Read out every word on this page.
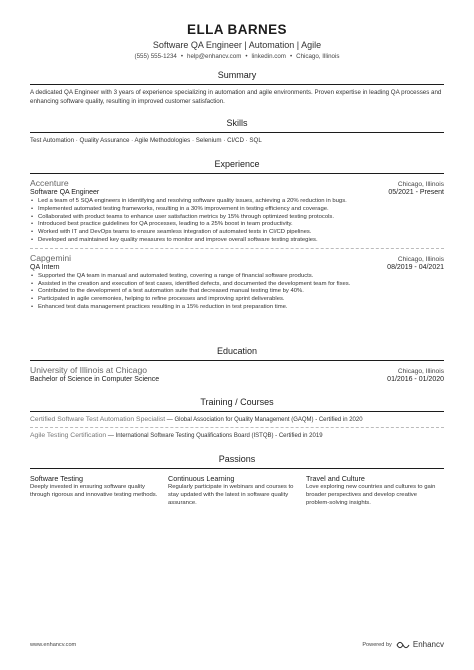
ELLA BARNES
Software QA Engineer | Automation | Agile
(555) 555-1234 • help@enhancv.com • linkedin.com • Chicago, Illinois
Summary
A dedicated QA Engineer with 3 years of experience specializing in automation and agile environments. Proven expertise in leading QA processes and enhancing software quality, resulting in improved customer satisfaction.
Skills
Test Automation · Quality Assurance · Agile Methodologies · Selenium · CI/CD · SQL
Experience
Accenture	Chicago, Illinois
Software QA Engineer	05/2021 - Present
• Led a team of 5 SQA engineers in identifying and resolving software quality issues, achieving a 20% reduction in bugs.
• Implemented automated testing frameworks, resulting in a 30% improvement in testing efficiency and coverage.
• Collaborated with product teams to enhance user satisfaction metrics by 15% through optimized testing protocols.
• Introduced best practice guidelines for QA processes, leading to a 25% boost in team productivity.
• Worked with IT and DevOps teams to ensure seamless integration of automated tests in CI/CD pipelines.
• Developed and maintained key quality measures to monitor and improve overall software testing strategies.
Capgemini	Chicago, Illinois
QA Intern	08/2019 - 04/2021
• Supported the QA team in manual and automated testing, covering a range of financial software products.
• Assisted in the creation and execution of test cases, identified defects, and documented the development team for fixes.
• Contributed to the development of a test automation suite that decreased manual testing time by 40%.
• Participated in agile ceremonies, helping to refine processes and improving sprint deliverables.
• Enhanced test data management practices resulting in a 15% reduction in test preparation time.
Education
University of Illinois at Chicago	Chicago, Illinois
Bachelor of Science in Computer Science	01/2016 - 01/2020
Training / Courses
Certified Software Test Automation Specialist — Global Association for Quality Management (GAQM) - Certified in 2020
Agile Testing Certification — International Software Testing Qualifications Board (ISTQB) - Certified in 2019
Passions
Software Testing
Deeply invested in ensuring software quality through rigorous and innovative testing methods.
Continuous Learning
Regularly participate in webinars and courses to stay updated with the latest in software quality assurance.
Travel and Culture
Love exploring new countries and cultures to gain broader perspectives and develop creative problem-solving insights.
www.enhancv.com	Powered by	Enhancv
